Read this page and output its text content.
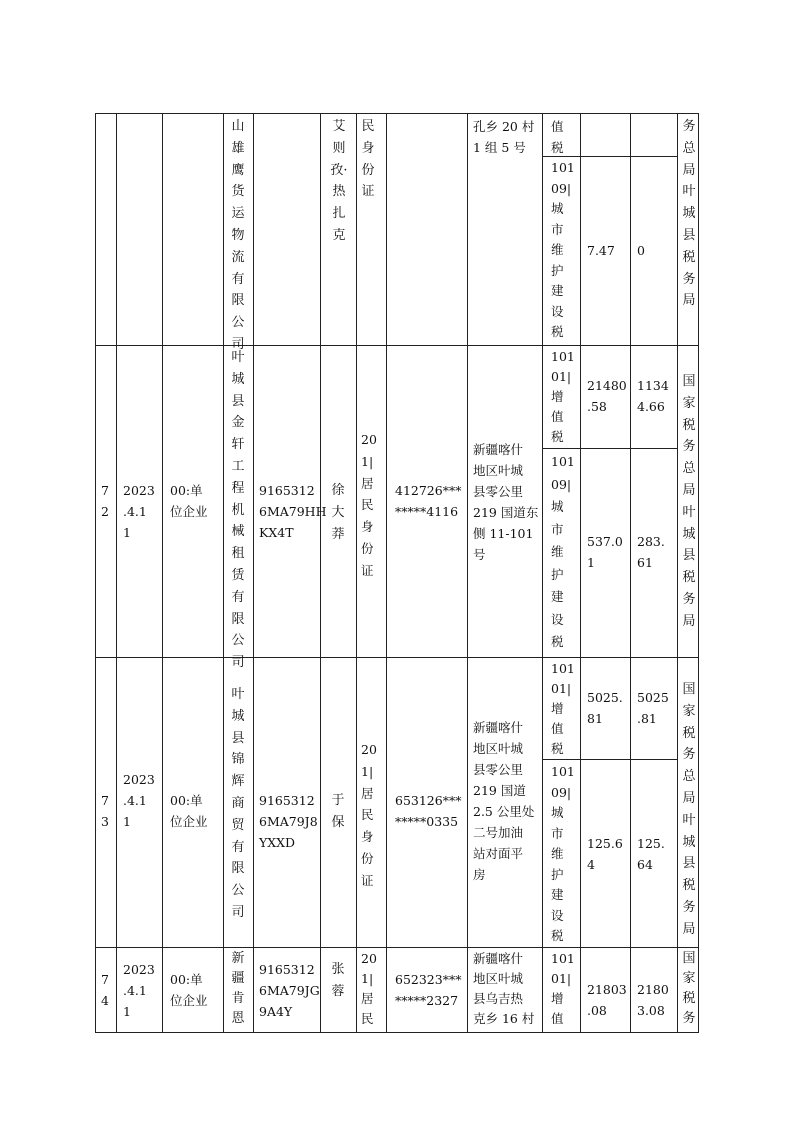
山
雄
鹰
货
运
物
流
有
限
公
司
艾
则
孜·
热
扎
克
民
身
份
证
孔乡 20 村
1 组 5 号
值
税
101
09|
城
市
维
护
建
设
税
7.47 0
务
总
局
叶
城
县
税
务
局
7
2
2023
.4.1
1
00:单
位企业
叶
城
县
金
轩
工
程
机
械
租
赁
有
限
公
司
9165312
6MA79HH
KX4T
徐
大
莽
20
1|
居
民
身
份
证
412726***
*****4116
新疆喀什
地区叶城
县零公里
219 国道东
侧 11-101
号
101
01|
增
值
税
21480
.58
1134
4.66
101
09|
城
市
维
护
建
设
税
537.0
1
283.
61
国
家
税
务
总
局
叶
城
县
税
务
局
7
3
2023
.4.1
1
00:单
位企业
叶
城
县
锦
辉
商
贸
有
限
公
司
9165312
6MA79J8
YXXD
于
保
20
1|
居
民
身
份
证
653126***
*****0335
新疆喀什
地区叶城
县零公里
219 国道
2.5 公里处
二号加油
站对面平
房
101
01|
增
值
税
5025.
81
5025
.81
101
09|
城
市
维
护
建
设
税
125.6
4
125.
64
国
家
税
务
总
局
叶
城
县
税
务
局
7
4
2023
.4.1
1
00:单
位企业
新
疆
肯
恩
9165312
6MA79JG
9A4Y
张
蓉
20
1|
居
民
652323***
*****2327
新疆喀什
地区叶城
县乌吉热
克乡 16 村
101
01|
增
值
21803
.08
2180
3.08
国
家
税
务
